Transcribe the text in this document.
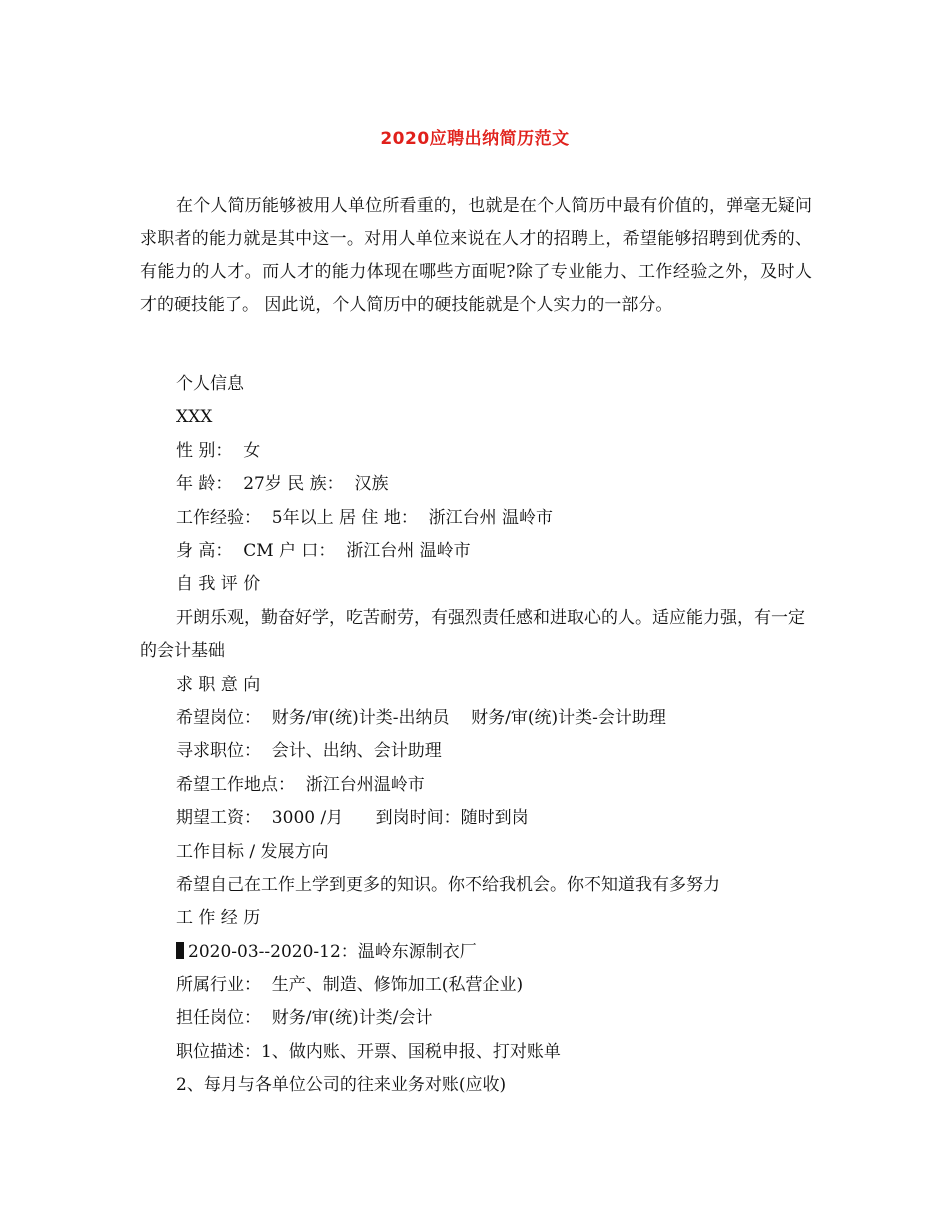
2020应聘出纳简历范文

在个人简历能够被用人单位所看重的，也就是在个人简历中最有价值的，弹毫无疑问求职者的能力就是其中这一。对用人单位来说在人才的招聘上，希望能够招聘到优秀的、有能力的人才。而人才的能力体现在哪些方面呢?除了专业能力、工作经验之外，及时人才的硬技能了。 因此说，个人简历中的硬技能就是个人实力的一部分。

个人信息
XXX
性 别：  女
年 龄：  27岁 民 族：  汉族
工作经验：  5年以上 居 住 地：  浙江台州 温岭市
身 高：  CM 户 口：  浙江台州 温岭市
自 我 评 价
开朗乐观，勤奋好学，吃苦耐劳，有强烈责任感和进取心的人。适应能力强，有一定的会计基础
求 职 意 向
希望岗位：  财务/审(统)计类-出纳员    财务/审(统)计类-会计助理
寻求职位：  会计、出纳、会计助理
希望工作地点：  浙江台州温岭市
期望工资：  3000 /月      到岗时间：随时到岗
工作目标 / 发展方向
希望自己在工作上学到更多的知识。你不给我机会。你不知道我有多努力
工 作 经 历
2020-03--2020-12：温岭东源制衣厂
所属行业：  生产、制造、修饰加工(私营企业)
担任岗位：  财务/审(统)计类/会计
职位描述：1、做内账、开票、国税申报、打对账单
2、每月与各单位公司的往来业务对账(应收)
